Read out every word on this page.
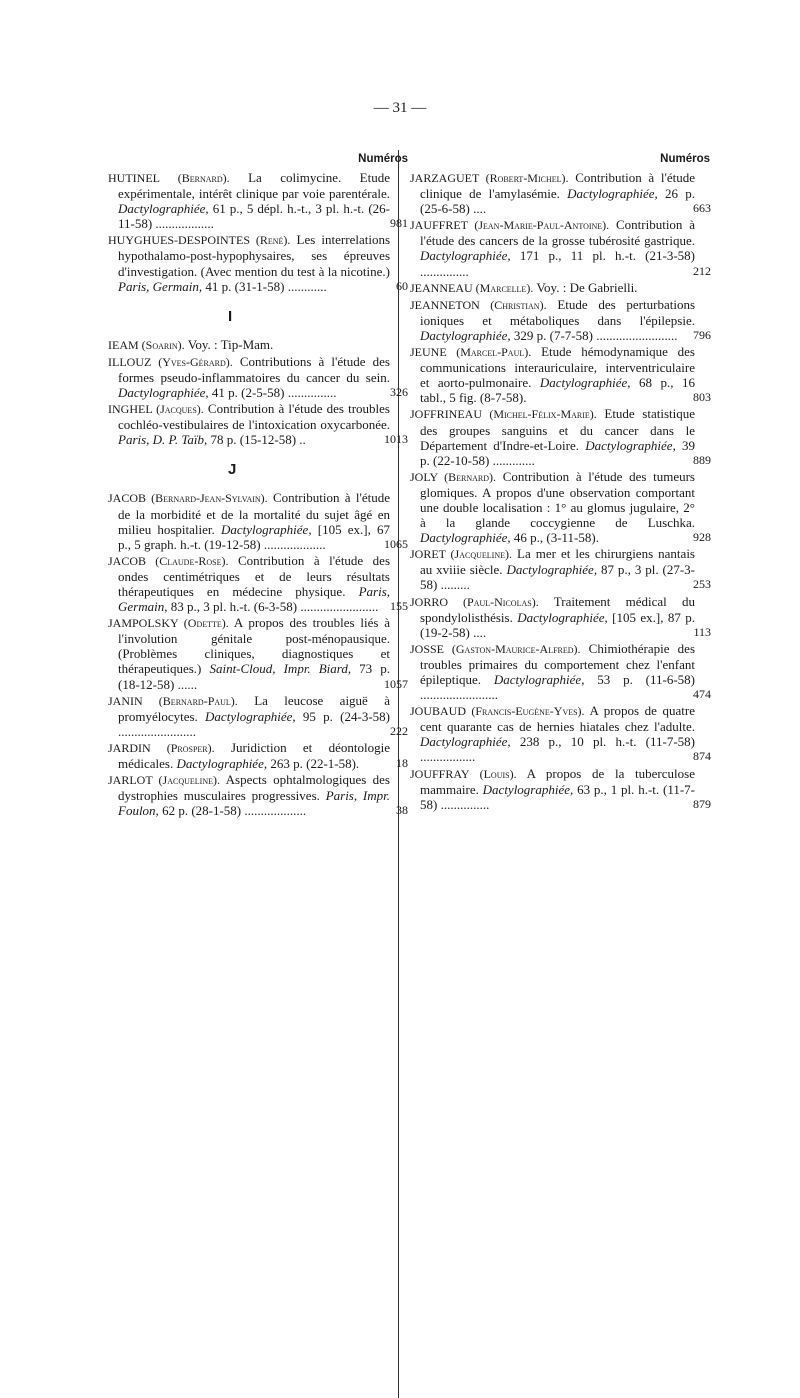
— 31 —
Numéros
HUTINEL (Bernard). La colimycine. Etude expérimentale, intérêt clinique par voie parentérale. Dactylographiée, 61 p., 5 dépl. h.-t., 3 pl. h.-t. (26-11-58) ..................	981
HUYGHUES-DESPOINTES (René). Les interrelations hypothalamo-post-hypophysaires, ses épreuves d'investigation. (Avec mention du test à la nicotine.) Paris, Germain, 41 p. (31-1-58) ............	60
I
IEAM (Soarin). Voy. : Tip-Mam.
ILLOUZ (Yves-Gérard). Contributions à l'étude des formes pseudo-inflammatoires du cancer du sein. Dactylographiée, 41 p. (2-5-58) ...............	326
INGHEL (Jacques). Contribution à l'étude des troubles cochléo-vestibulaires de l'intoxication oxycarbonée. Paris, D. P. Taïb, 78 p. (15-12-58) ..	1013
J
JACOB (Bernard-Jean-Sylvain). Contribution à l'étude de la morbidité et de la mortalité du sujet âgé en milieu hospitalier. Dactylographiée, [105 ex.], 67 p., 5 graph. h.-t. (19-12-58) ...................	1065
JACOB (Claude-Rose). Contribution à l'étude des ondes centimétriques et de leurs résultats thérapeutiques en médecine physique. Paris, Germain, 83 p., 3 pl. h.-t. (6-3-58) ........................ 155
JAMPOLSKY (Odette). A propos des troubles liés à l'involution génitale post-ménopausique. (Problèmes cliniques, diagnostiques et thérapeutiques.) Saint-Cloud, Impr. Biard, 73 p. (18-12-58) ......	1057
JANIN (Bernard-Paul). La leucose aiguë à promyélocytes. Dactylographiée, 95 p. (24-3-58) ........................	222
JARDIN (Prosper). Juridiction et déontologie médicales. Dactylographiée, 263 p. (22-1-58).	18
JARLOT (Jacqueline). Aspects ophtalmologiques des dystrophies musculaires progressives. Paris, Impr. Foulon, 62 p. (28-1-58) ...................	38
Numéros
JARZAGUET (Robert-Michel). Contribution à l'étude clinique de l'amylasémie. Dactylographiée, 26 p. (25-6-58) ....	663
JAUFFRET (Jean-Marie-Paul-Antoine). Contribution à l'étude des cancers de la grosse tubérosité gastrique. Dactylographiée, 171 p., 11 pl. h.-t. (21-3-58) ...............	212
JEANNEAU (Marcelle). Voy. : De Gabrielli.
JEANNETON (Christian). Etude des perturbations ioniques et métaboliques dans l'épilepsie. Dactylographiée, 329 p. (7-7-58) ......................... 796
JEUNE (Marcel-Paul). Etude hémodynamique des communications interauriculaire, interventriculaire et aorto-pulmonaire. Dactylographiée, 68 p., 16 tabl., 5 fig. (8-7-58).	803
JOFFRINEAU (Michel-Félix-Marie). Etude statistique des groupes sanguins et du cancer dans le Département d'Indre-et-Loire. Dactylographiée, 39 p. (22-10-58) .............	889
JOLY (Bernard). Contribution à l'étude des tumeurs glomiques. A propos d'une observation comportant une double localisation : 1° au glomus jugulaire, 2° à la glande coccygienne de Luschka. Dactylographiée, 46 p., (3-11-58).	928
JORET (Jacqueline). La mer et les chirurgiens nantais au xviiie siècle. Dactylographiée, 87 p., 3 pl. (27-3-58) .........	253
JORRO (Paul-Nicolas). Traitement médical du spondylolisthésis. Dactylographiée, [105 ex.], 87 p. (19-2-58) ....	113
JOSSE (Gaston-Maurice-Alfred). Chimiothérapie des troubles primaires du comportement chez l'enfant épileptique. Dactylographiée, 53 p. (11-6-58) ........................	474
JOUBAUD (Francis-Eugène-Yves). A propos de quatre cent quarante cas de hernies hiatales chez l'adulte. Dactylographiée, 238 p., 10 pl. h.-t. (11-7-58) .................	874
JOUFFRAY (Louis). A propos de la tuberculose mammaire. Dactylographiée, 63 p., 1 pl. h.-t. (11-7-58) ...............	879
